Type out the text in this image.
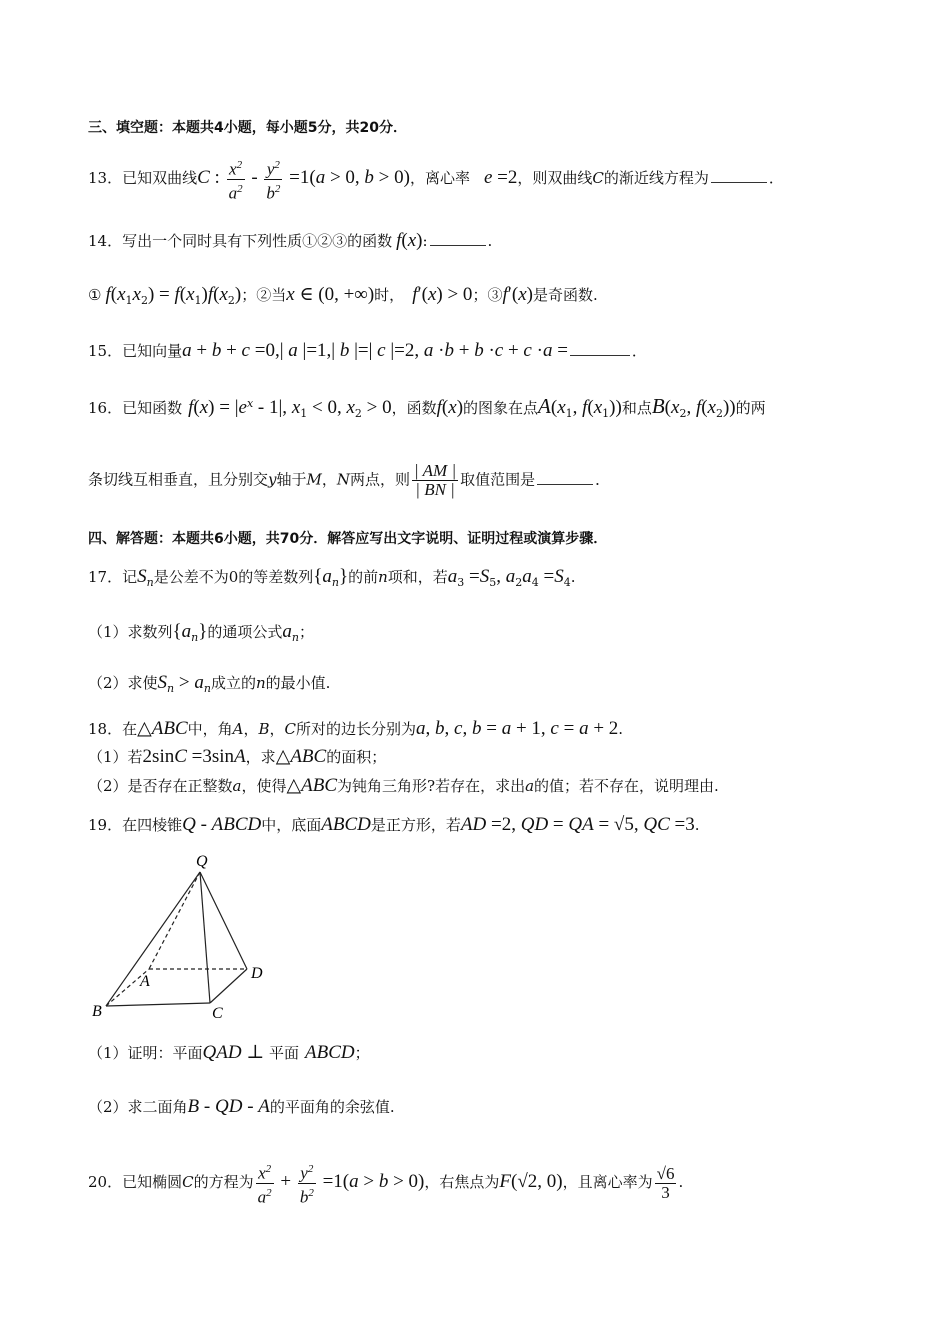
三、填空题：本题共4小题，每小题5分，共20分．
13．已知双曲线C : $\frac{x^2}{a^2} - \frac{y^2}{b^2} =1(a > 0$, b > 0)，离心率 e =2，则双曲线C的渐近线方程为	．
14．写出一个同时具有下列性质①②③的函数 f(x):	.
① $f(x_1x_2) = f(x_1)f(x_2)$；②当x ∈ (0, +∞)时， f′(x) > 0；③f′(x)是奇函数.
15．已知向量a + b + c =0,| a |=1,| b |=| c |=2, a ·b + b ·c + c ·a =	．
16．已知函数 $f(x) = |e^x - 1|$, $x_1 < 0$, $x_2 > 0$，函数f(x)的图象在点$A(x_1$, $f(x_1)$)和点$B(x_2$, $f(x_2)$)的两
条切线互相垂直，且分别交y轴于M，N两点，则 $\frac{| AM |}{| BN |}$ 取值范围是	．
四、解答题：本题共6小题，共70分．解答应写出文字说明、证明过程或演算步骤．
17．记$S_n$是公差不为0的等差数列$\{a_n\}$的前n项和，若$a_3 =S_5$, $a_2a_4 =S_4$.
（1）求数列$\{a_n\}$的通项公式$a_n$；
（2）求使$S_n > a_n$成立的n的最小值.
18．在△ABC中，角A，B，C所对的边长分别为a, b, c, b = a + 1, c = a + 2.
（1）若2sinC =3sinA，求△ABC的面积；
（2）是否存在正整数a，使得△ABC为钝角三角形?若存在，求出a的值；若不存在，说明理由.
19．在四棱锥Q - ABCD中，底面ABCD是正方形，若AD =2, QD = QA = √5, QC =3.
Q
A	D
B	C
（1）证明：平面QAD ⊥ 平面 ABCD；
（2）求二面角B - QD - A的平面角的余弦值.
20．已知椭圆C的方程为 $\frac{x^2}{a^2} + \frac{y^2}{b^2} =1(a > b > 0)$，右焦点为F(√2, 0)，且离心率为 $\frac{√6}{3}$ .
